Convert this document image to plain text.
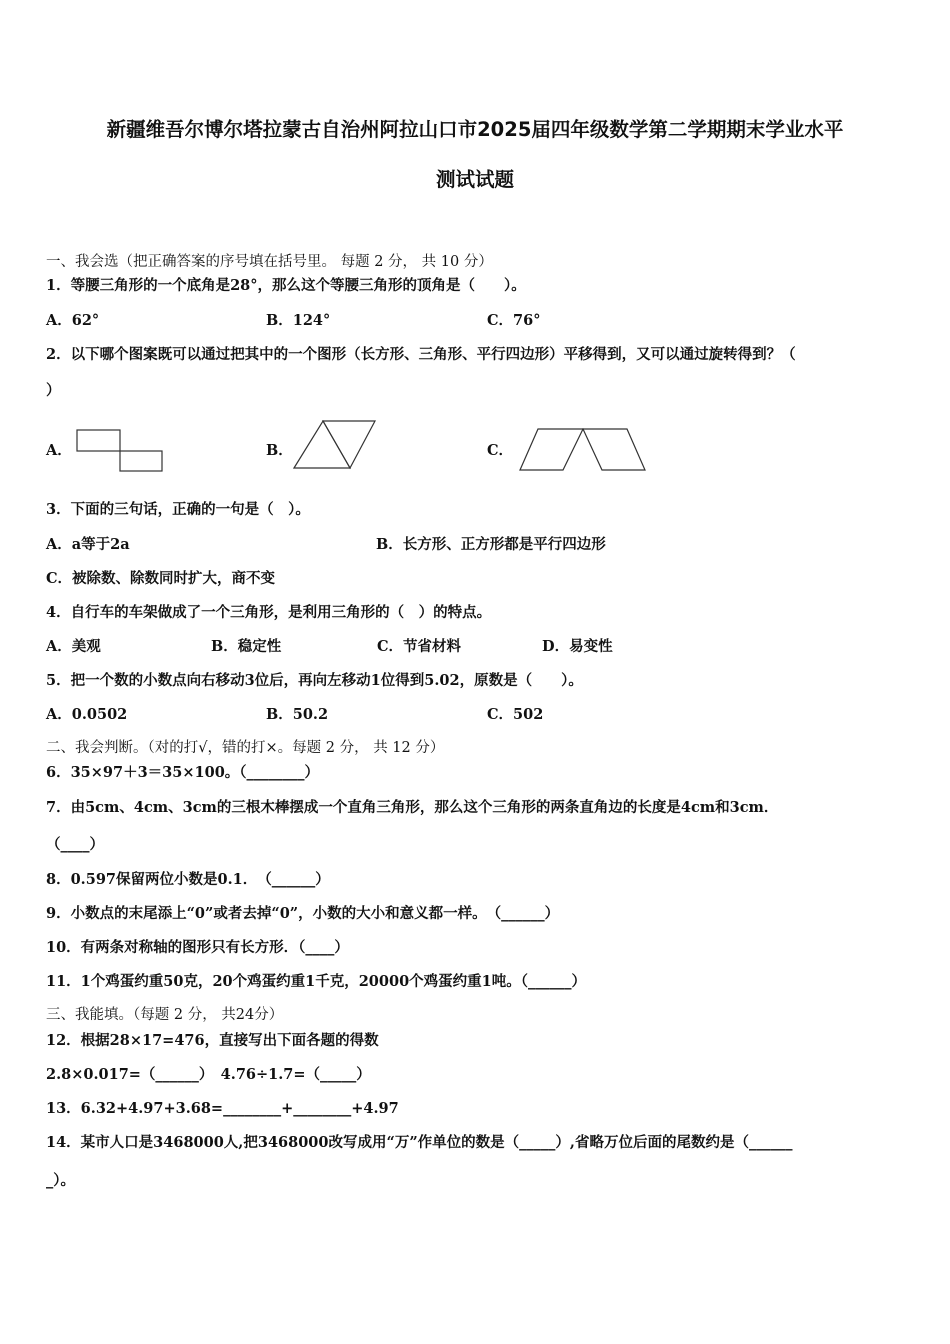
新疆维吾尔博尔塔拉蒙古自治州阿拉山口市2025届四年级数学第二学期期末学业水平
测试试题
一、我会选（把正确答案的序号填在括号里。 每题 2 分， 共 10 分）
1．等腰三角形的一个底角是28°，那么这个等腰三角形的顶角是（　　）。
A．62°	B．124°	C．76°
2．以下哪个图案既可以通过把其中的一个图形（长方形、三角形、平行四边形）平移得到，又可以通过旋转得到？（
）
A．	B．	C．
3．下面的三句话，正确的一句是（　）。
A．a等于2a	B．长方形、正方形都是平行四边形
C．被除数、除数同时扩大，商不变
4．自行车的车架做成了一个三角形，是利用三角形的（　）的特点。
A．美观	B．稳定性	C．节省材料	D．易变性
5．把一个数的小数点向右移动3位后，再向左移动1位得到5.02，原数是（　　）。
A．0.0502	B．50.2	C．502
二、我会判断。（对的打√，错的打×。每题 2 分， 共 12 分）
6．35×97＋3＝35×100。（________）
7．由5cm、4cm、3cm的三根木棒摆成一个直角三角形，那么这个三角形的两条直角边的长度是4cm和3cm．
（____）
8．0.597保留两位小数是0.1．　（______）
9．小数点的末尾添上“0”或者去掉“0”，小数的大小和意义都一样。　（______）
10．有两条对称轴的图形只有长方形．（____）
11．1个鸡蛋约重50克，20个鸡蛋约重1千克，20000个鸡蛋约重1吨。（______）
三、我能填。（每题 2 分， 共24分）
12．根据28×17=476，直接写出下面各题的得数
2.8×0.017=（______）　4.76÷1.7=（_____）
13．6.32+4.97+3.68=________+________+4.97
14．某市人口是3468000人,把3468000改写成用“万”作单位的数是（_____）,省略万位后面的尾数约是（______
_）。
